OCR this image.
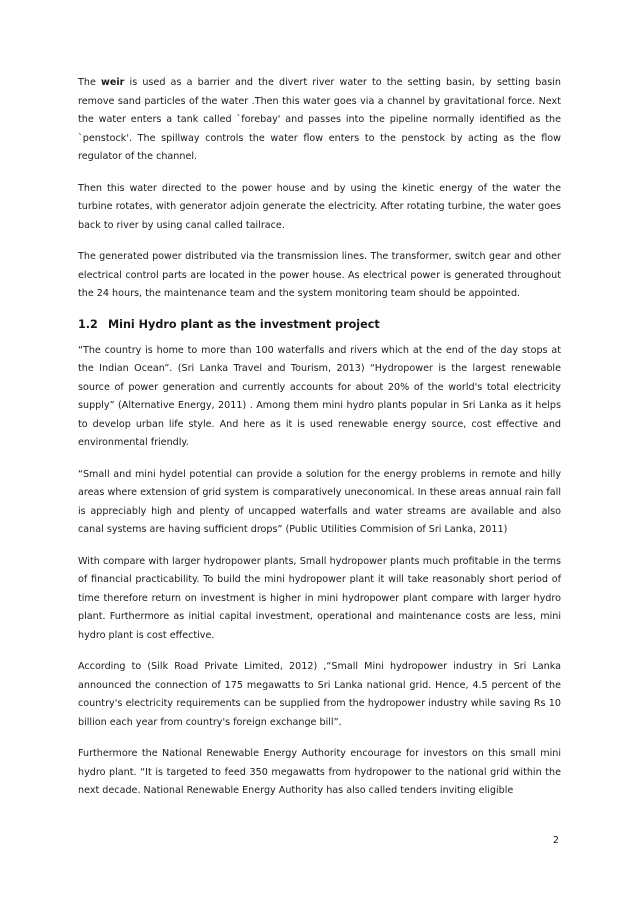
The weir is used as a barrier and the divert river water to the setting basin, by setting basin remove sand particles of the water .Then this water goes via a channel by gravitational force. Next the water enters a tank called `forebay' and passes into the pipeline normally identified as the `penstock'. The spillway controls the water flow enters to the penstock by acting as the flow regulator of the channel.

Then this water directed to the power house and by using the kinetic energy of the water the turbine rotates, with generator adjoin generate the electricity. After rotating turbine, the water goes back to river by using canal called tailrace.

The generated power distributed via the transmission lines. The transformer, switch gear and other electrical control parts are located in the power house. As electrical power is generated throughout the 24 hours, the maintenance team and the system monitoring team should be appointed.

1.2 Mini Hydro plant as the investment project

“The country is home to more than 100 waterfalls and rivers which at the end of the day stops at the Indian Ocean”. (Sri Lanka Travel and Tourism, 2013) “Hydropower is the largest renewable source of power generation and currently accounts for about 20% of the world's total electricity supply” (Alternative Energy, 2011) . Among them mini hydro plants popular in Sri Lanka as it helps to develop urban life style. And here as it is used renewable energy source, cost effective and environmental friendly.

“Small and mini hydel potential can provide a solution for the energy problems in remote and hilly areas where extension of grid system is comparatively uneconomical. In these areas annual rain fall is appreciably high and plenty of uncapped waterfalls and water streams are available and also canal systems are having sufficient drops” (Public Utilities Commision of Sri Lanka, 2011)

With compare with larger hydropower plants, Small hydropower plants much profitable in the terms of financial practicability. To build the mini hydropower plant it will take reasonably short period of time therefore return on investment is higher in mini hydropower plant compare with larger hydro plant. Furthermore as initial capital investment, operational and maintenance costs are less, mini hydro plant is cost effective.

According to (Silk Road Private Limited, 2012) ,“Small Mini hydropower industry in Sri Lanka announced the connection of 175 megawatts to Sri Lanka national grid. Hence, 4.5 percent of the country's electricity requirements can be supplied from the hydropower industry while saving Rs 10 billion each year from country's foreign exchange bill”.

Furthermore the National Renewable Energy Authority encourage for investors on this small mini hydro plant. “It is targeted to feed 350 megawatts from hydropower to the national grid within the next decade. National Renewable Energy Authority has also called tenders inviting eligible

2
